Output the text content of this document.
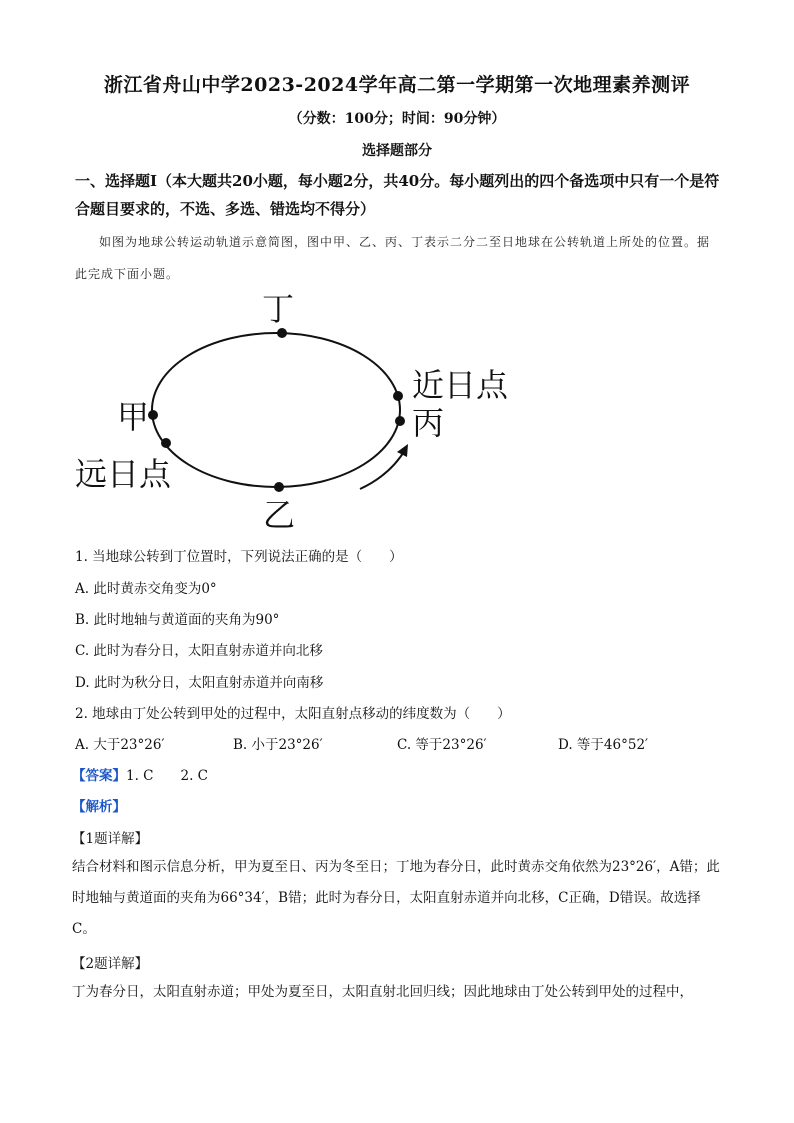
浙江省舟山中学2023-2024学年高二第一学期第一次地理素养测评
（分数：100分；时间：90分钟）
选择题部分
一、选择题Ⅰ（本大题共20小题，每小题2分，共40分。每小题列出的四个备选项中只有一个是符合题目要求的，不选、多选、错选均不得分）
如图为地球公转运动轨道示意简图，图中甲、乙、丙、丁表示二分二至日地球在公转轨道上所处的位置。据此完成下面小题。
丁
甲
远日点
乙
近日点
丙
1. 当地球公转到丁位置时，下列说法正确的是（　　）
A. 此时黄赤交角变为0°
B. 此时地轴与黄道面的夹角为90°
C. 此时为春分日，太阳直射赤道并向北移
D. 此时为秋分日，太阳直射赤道并向南移
2. 地球由丁处公转到甲处的过程中，太阳直射点移动的纬度数为（　　）
A. 大于23°26′	B. 小于23°26′	C. 等于23°26′	D. 等于46°52′
【答案】1. C　　2. C
【解析】
【1题详解】
结合材料和图示信息分析，甲为夏至日、丙为冬至日；丁地为春分日，此时黄赤交角依然为23°26′，A错；此时地轴与黄道面的夹角为66°34′，B错；此时为春分日，太阳直射赤道并向北移，C正确，D错误。故选择C。
【2题详解】
丁为春分日，太阳直射赤道；甲处为夏至日，太阳直射北回归线；因此地球由丁处公转到甲处的过程中，
